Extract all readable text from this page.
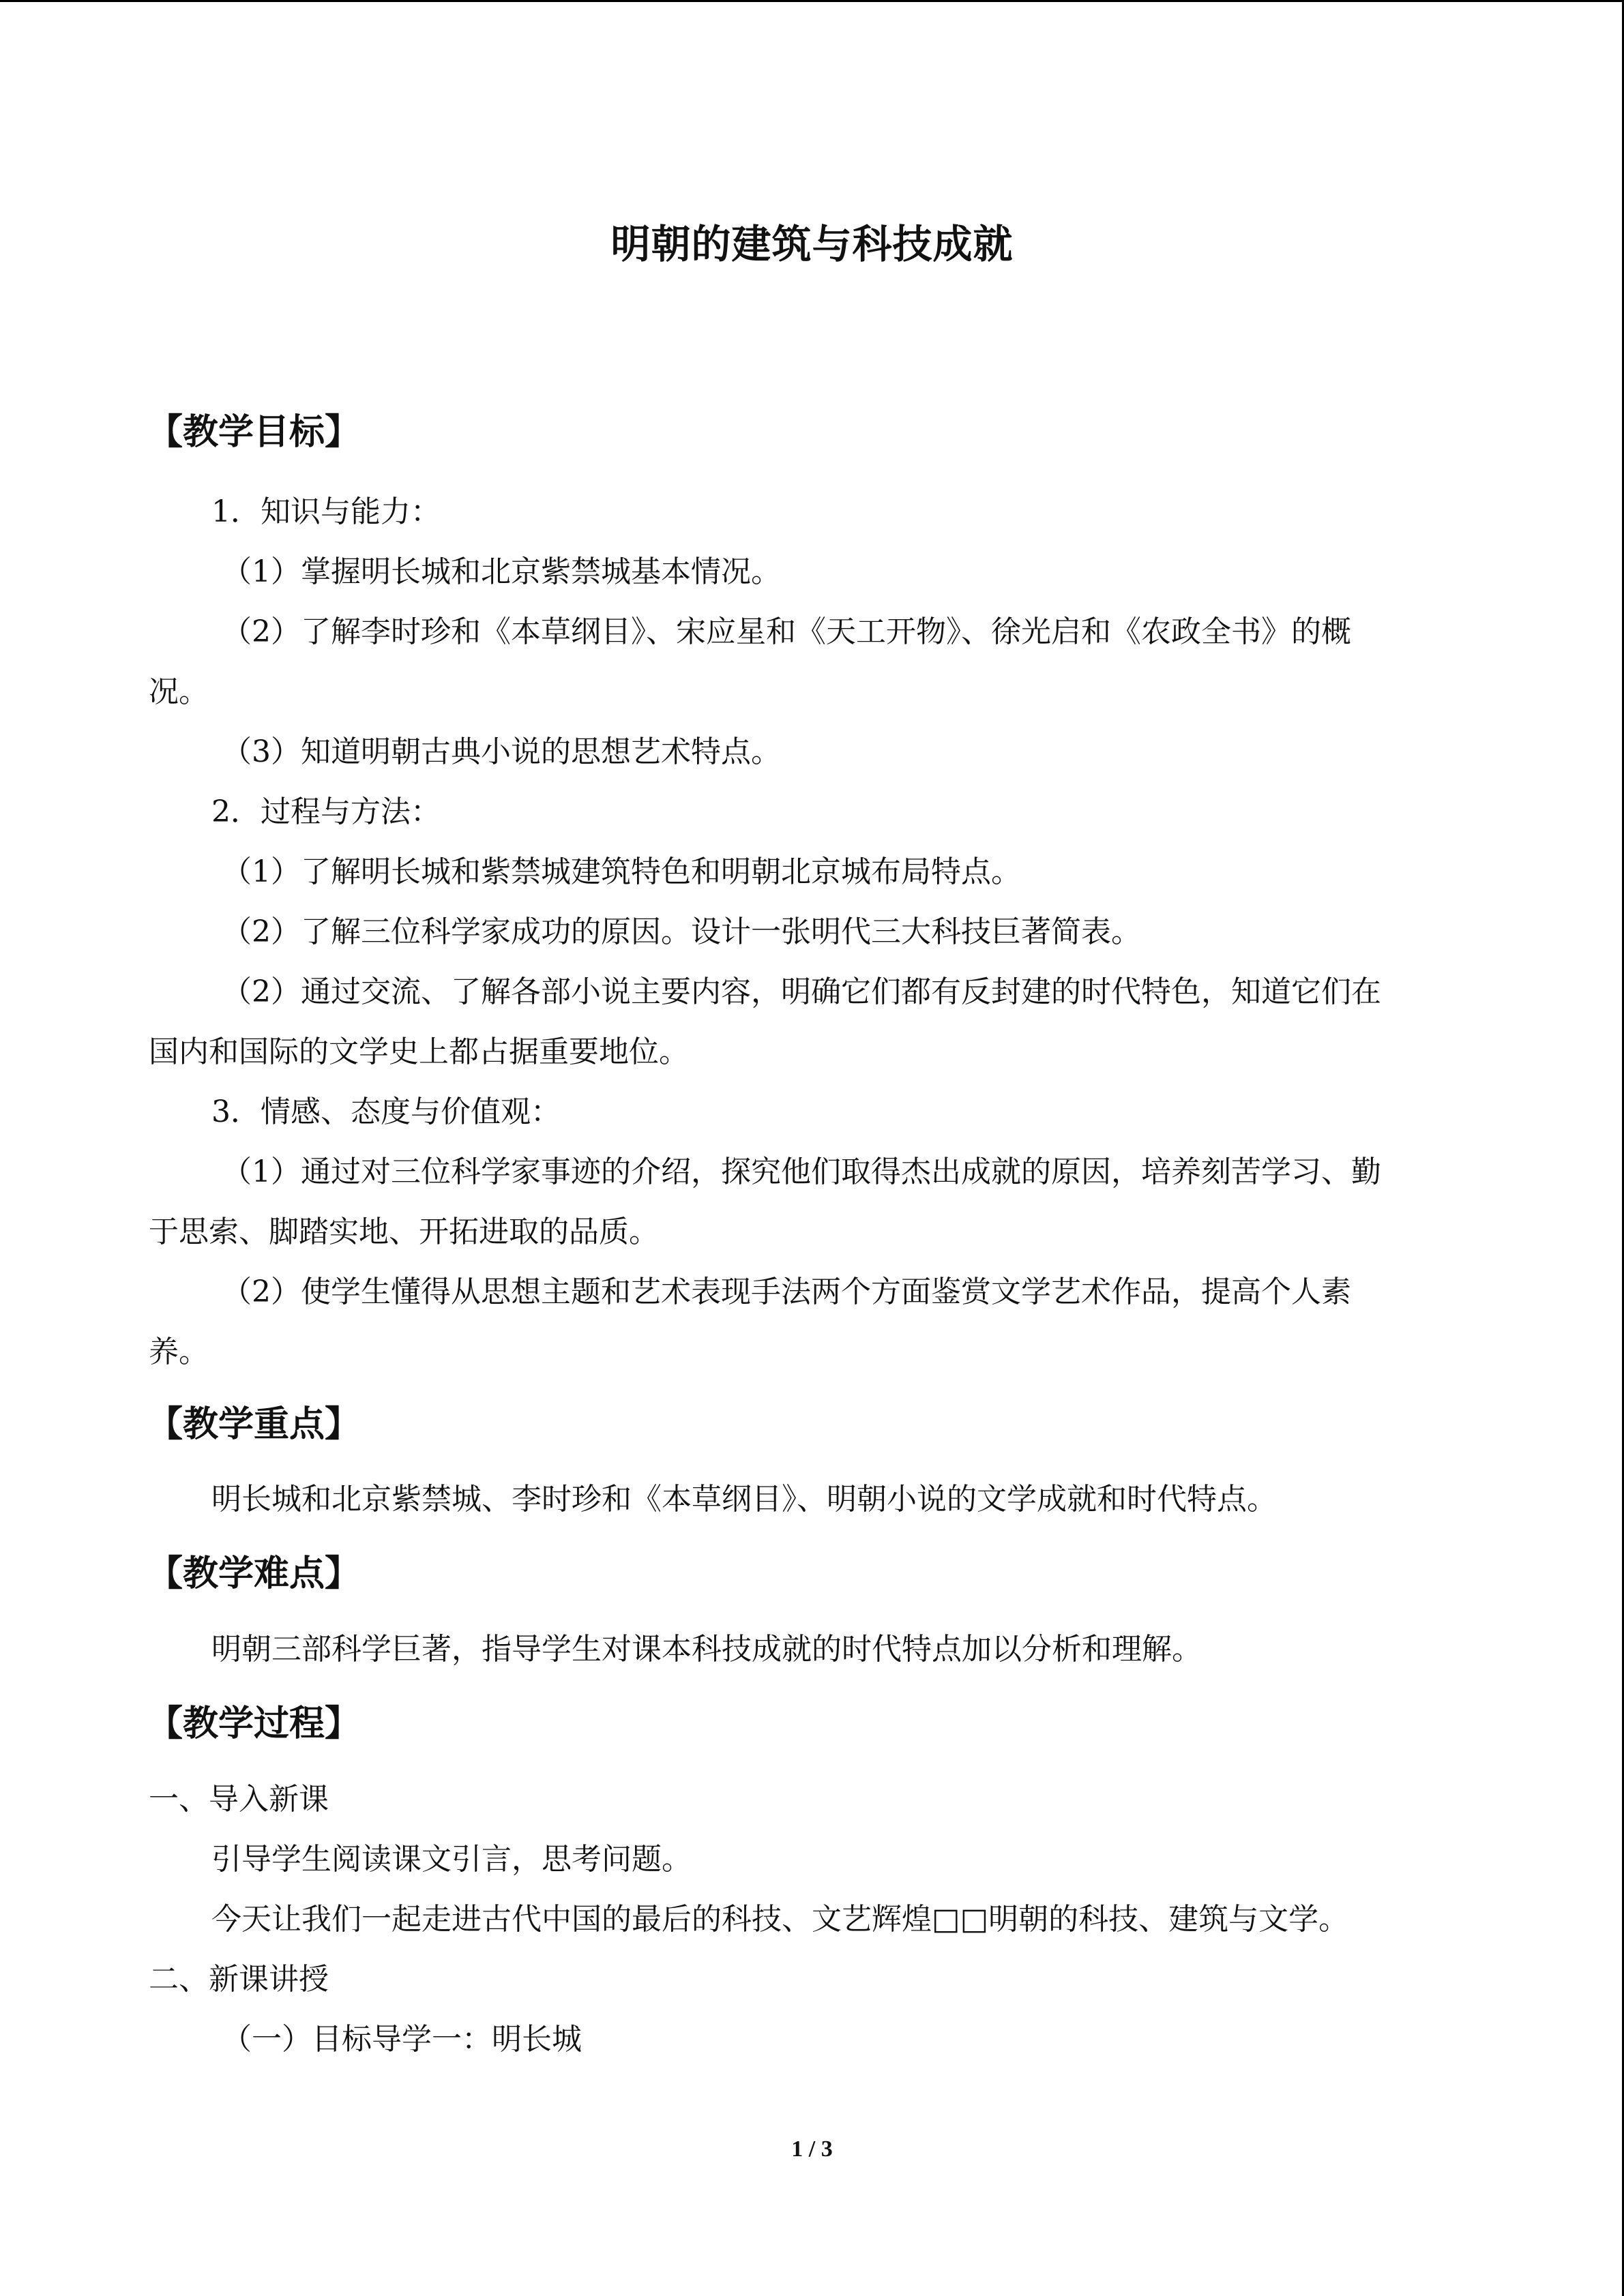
明朝的建筑与科技成就
【教学目标】
1．知识与能力：
（1）掌握明长城和北京紫禁城基本情况。
（2）了解李时珍和《本草纲目》、宋应星和《天工开物》、徐光启和《农政全书》的概
况。
（3）知道明朝古典小说的思想艺术特点。
2．过程与方法：
（1）了解明长城和紫禁城建筑特色和明朝北京城布局特点。
（2）了解三位科学家成功的原因。设计一张明代三大科技巨著简表。
（2）通过交流、了解各部小说主要内容，明确它们都有反封建的时代特色，知道它们在
国内和国际的文学史上都占据重要地位。
3．情感、态度与价值观：
（1）通过对三位科学家事迹的介绍，探究他们取得杰出成就的原因，培养刻苦学习、勤
于思索、脚踏实地、开拓进取的品质。
（2）使学生懂得从思想主题和艺术表现手法两个方面鉴赏文学艺术作品，提高个人素
养。
【教学重点】
明长城和北京紫禁城、李时珍和《本草纲目》、明朝小说的文学成就和时代特点。
【教学难点】
明朝三部科学巨著，指导学生对课本科技成就的时代特点加以分析和理解。
【教学过程】
一、导入新课
引导学生阅读课文引言，思考问题。
今天让我们一起走进古代中国的最后的科技、文艺辉煌□□明朝的科技、建筑与文学。
二、新课讲授
（一）目标导学一：明长城
1 / 3
